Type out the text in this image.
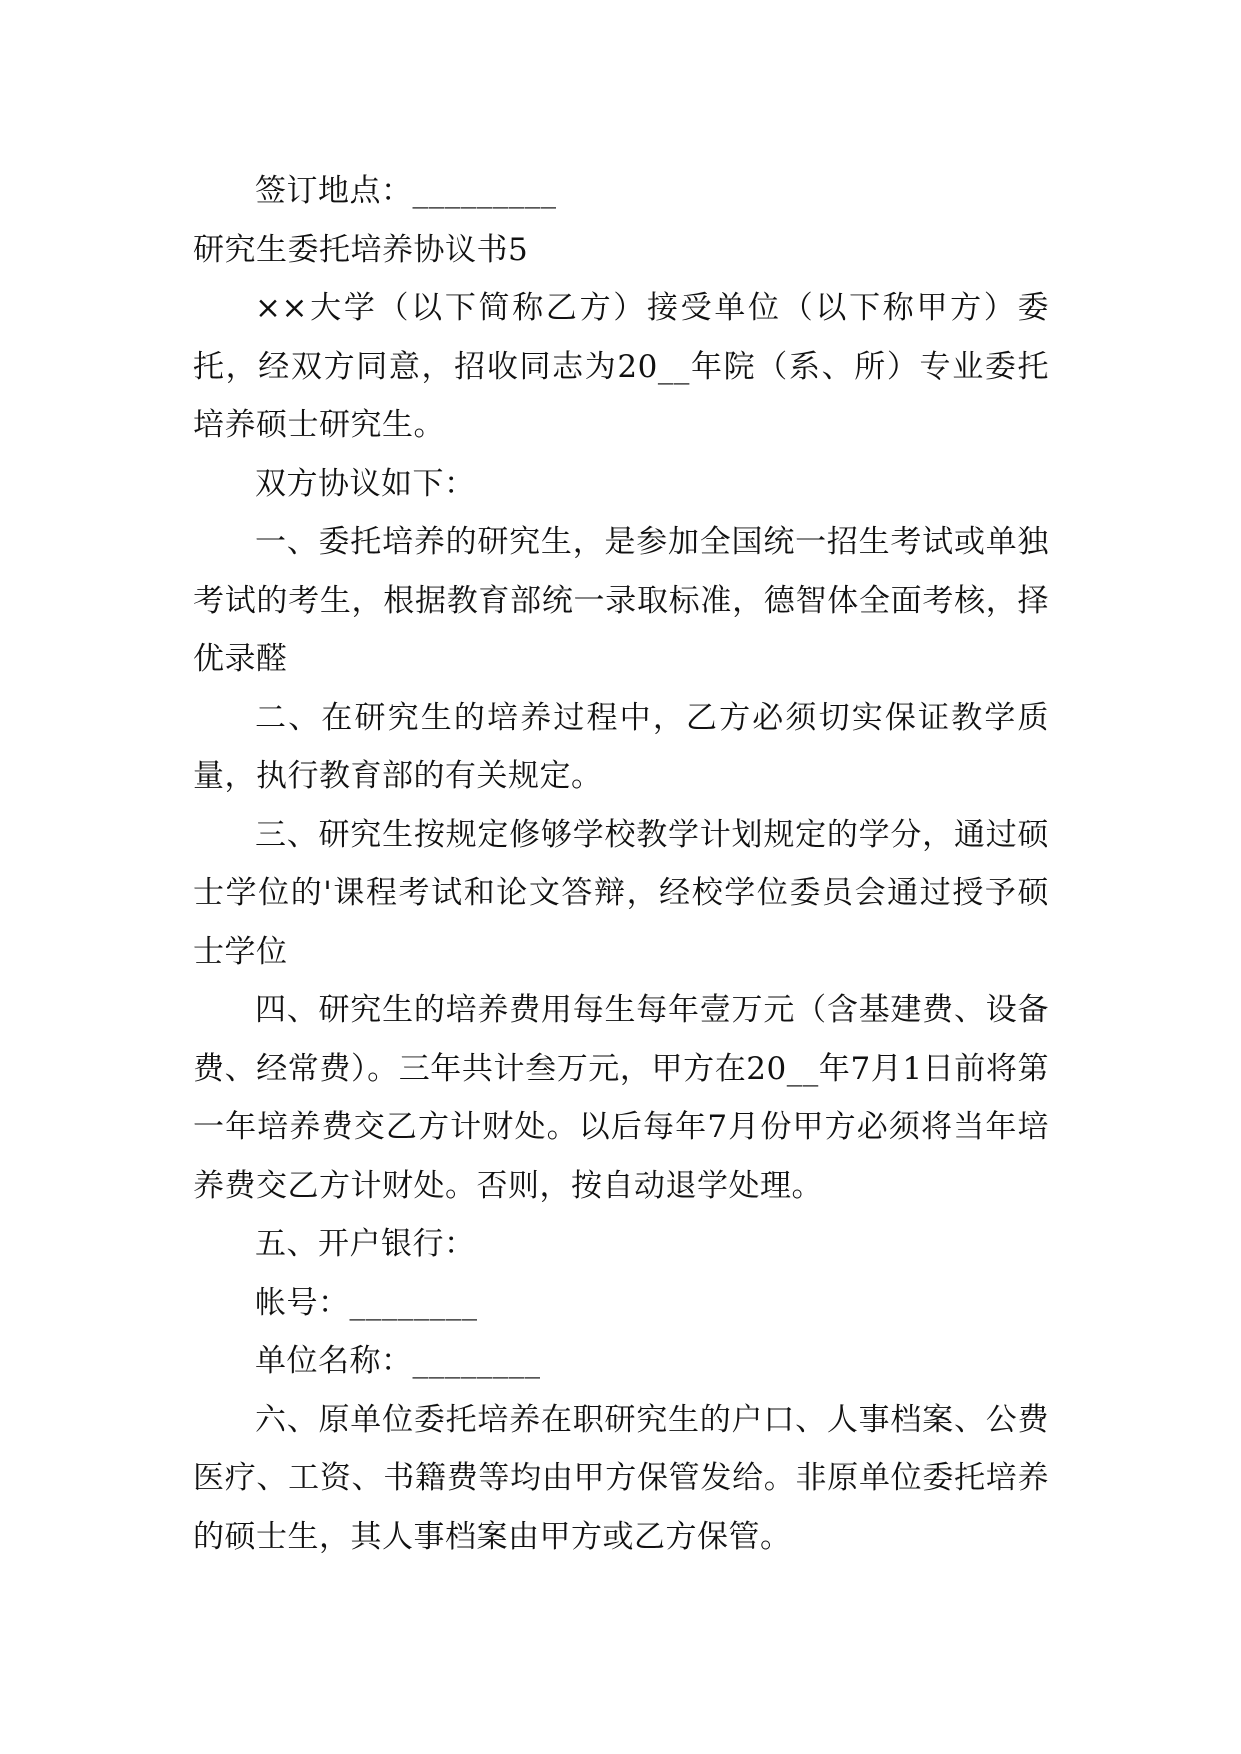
签订地点：_________

研究生委托培养协议书5

××大学（以下简称乙方）接受单位（以下称甲方）委托，经双方同意，招收同志为20__年院（系、所）专业委托培养硕士研究生。

双方协议如下：

一、委托培养的研究生，是参加全国统一招生考试或单独考试的考生，根据教育部统一录取标准，德智体全面考核，择优录醛

二、在研究生的培养过程中，乙方必须切实保证教学质量，执行教育部的有关规定。

三、研究生按规定修够学校教学计划规定的学分，通过硕士学位的'课程考试和论文答辩，经校学位委员会通过授予硕士学位

四、研究生的培养费用每生每年壹万元（含基建费、设备费、经常费）。三年共计叁万元，甲方在20__年7月1日前将第一年培养费交乙方计财处。以后每年7月份甲方必须将当年培养费交乙方计财处。否则，按自动退学处理。

五、开户银行：

帐号：________

单位名称：________

六、原单位委托培养在职研究生的户口、人事档案、公费医疗、工资、书籍费等均由甲方保管发给。非原单位委托培养的硕士生，其人事档案由甲方或乙方保管。
